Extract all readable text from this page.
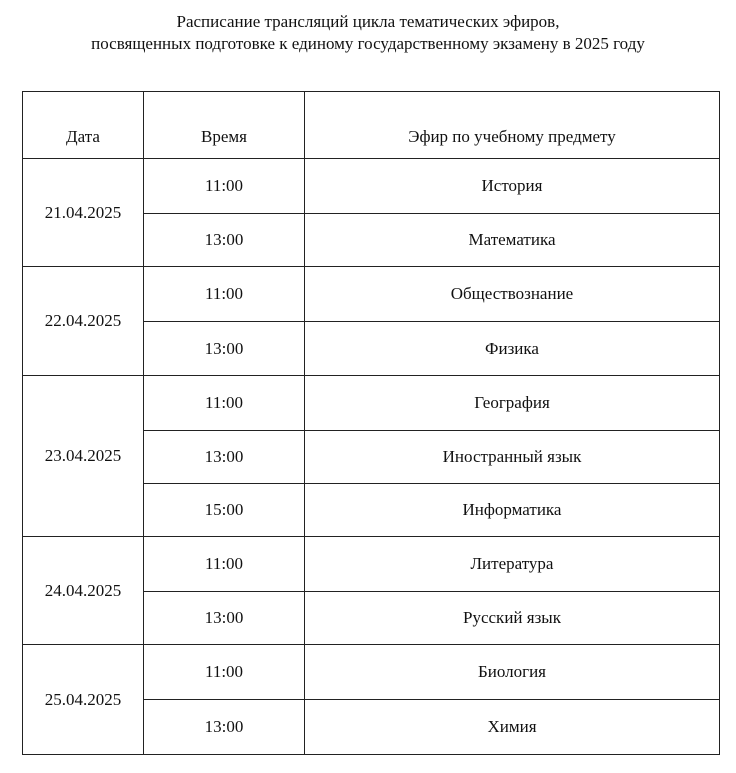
Расписание трансляций цикла тематических эфиров,
посвященных подготовке к единому государственному экзамену в 2025 году
Дата	Время	Эфир по учебному предмету
21.04.2025	11:00	История
	13:00	Математика
22.04.2025	11:00	Обществознание
	13:00	Физика
23.04.2025	11:00	География
	13:00	Иностранный язык
	15:00	Информатика
24.04.2025	11:00	Литература
	13:00	Русский язык
25.04.2025	11:00	Биология
	13:00	Химия
